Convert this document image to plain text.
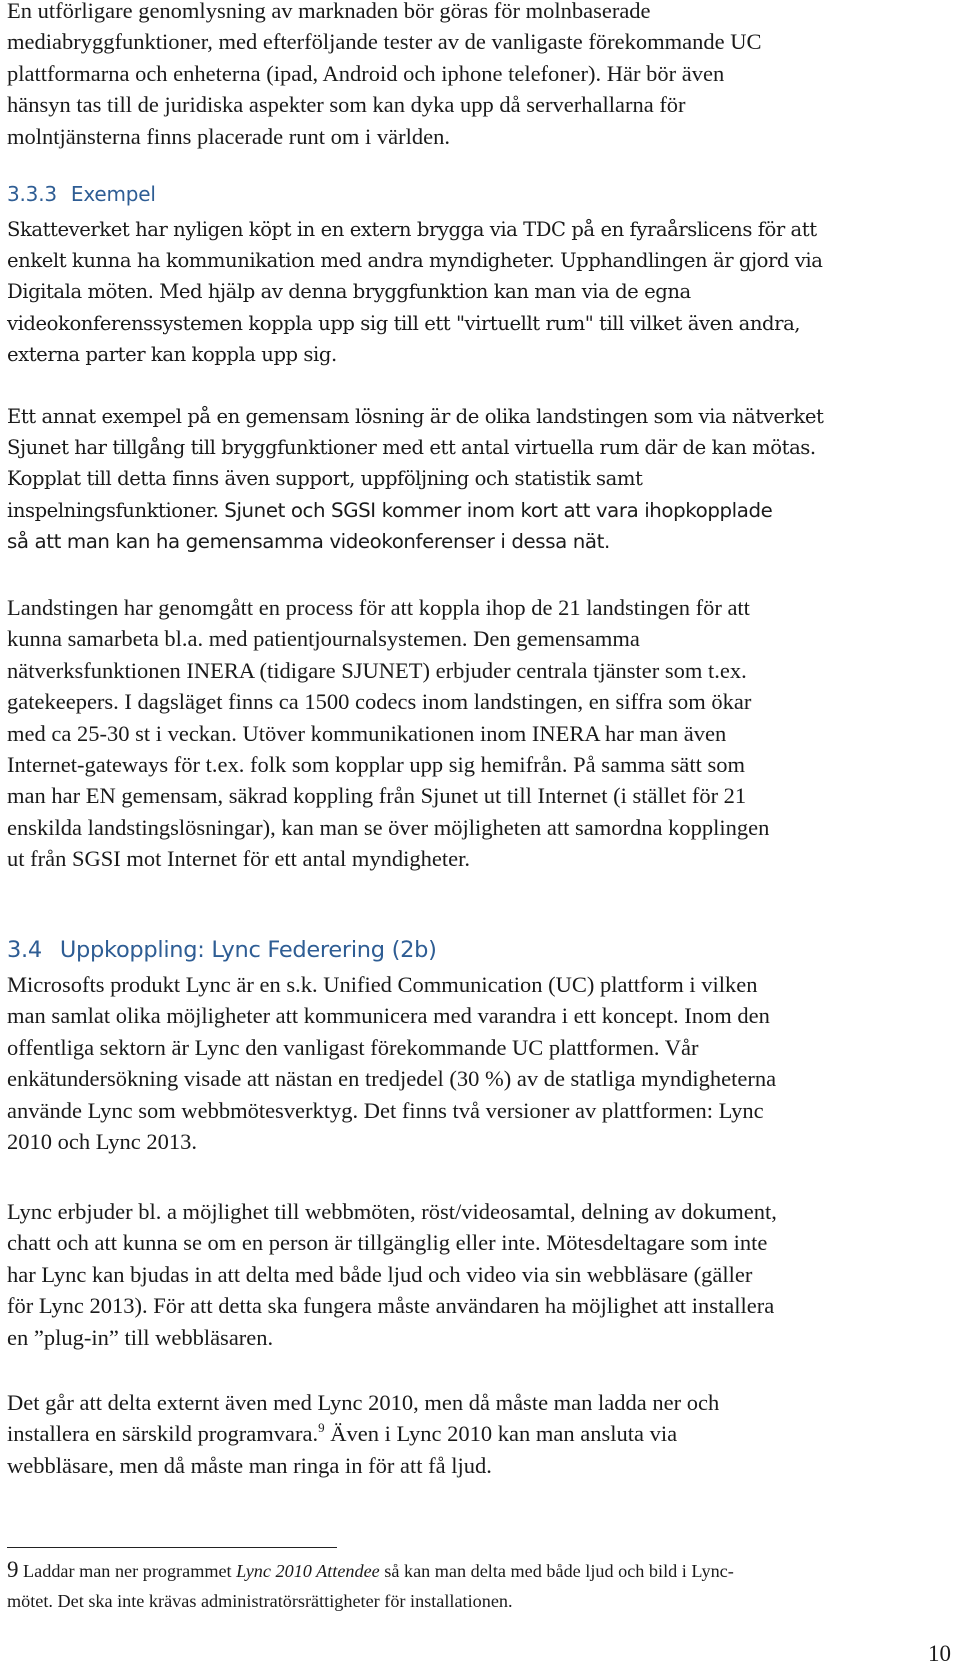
En utförligare genomlysning av marknaden bör göras för molnbaserade
mediabryggfunktioner, med efterföljande tester av de vanligaste förekommande UC
plattformarna och enheterna (ipad, Android och iphone telefoner). Här bör även
hänsyn tas till de juridiska aspekter som kan dyka upp då serverhallarna för
molntjänsterna finns placerade runt om i världen.
3.3.3 Exempel
Skatteverket har nyligen köpt in en extern brygga via TDC på en fyraårslicens för att
enkelt kunna ha kommunikation med andra myndigheter. Upphandlingen är gjord via
Digitala möten. Med hjälp av denna bryggfunktion kan man via de egna
videokonferenssystemen koppla upp sig till ett "virtuellt rum" till vilket även andra,
externa parter kan koppla upp sig.
Ett annat exempel på en gemensam lösning är de olika landstingen som via nätverket
Sjunet har tillgång till bryggfunktioner med ett antal virtuella rum där de kan mötas.
Kopplat till detta finns även support, uppföljning och statistik samt
inspelningsfunktioner. Sjunet och SGSI kommer inom kort att vara ihopkopplade
så att man kan ha gemensamma videokonferenser i dessa nät.
Landstingen har genomgått en process för att koppla ihop de 21 landstingen för att
kunna samarbeta bl.a. med patientjournalsystemen. Den gemensamma
nätverksfunktionen INERA (tidigare SJUNET) erbjuder centrala tjänster som t.ex.
gatekeepers. I dagsläget finns ca 1500 codecs inom landstingen, en siffra som ökar
med ca 25-30 st i veckan. Utöver kommunikationen inom INERA har man även
Internet-gateways för t.ex. folk som kopplar upp sig hemifrån. På samma sätt som
man har EN gemensam, säkrad koppling från Sjunet ut till Internet (i stället för 21
enskilda landstingslösningar), kan man se över möjligheten att samordna kopplingen
ut från SGSI mot Internet för ett antal myndigheter.
3.4 Uppkoppling: Lync Federering (2b)
Microsofts produkt Lync är en s.k. Unified Communication (UC) plattform i vilken
man samlat olika möjligheter att kommunicera med varandra i ett koncept. Inom den
offentliga sektorn är Lync den vanligast förekommande UC plattformen. Vår
enkätundersökning visade att nästan en tredjedel (30 %) av de statliga myndigheterna
använde Lync som webbmötesverktyg. Det finns två versioner av plattformen: Lync
2010 och Lync 2013.
Lync erbjuder bl. a möjlighet till webbmöten, röst/videosamtal, delning av dokument,
chatt och att kunna se om en person är tillgänglig eller inte. Mötesdeltagare som inte
har Lync kan bjudas in att delta med både ljud och video via sin webbläsare (gäller
för Lync 2013). För att detta ska fungera måste användaren ha möjlighet att installera
en ”plug-in” till webbläsaren.
Det går att delta externt även med Lync 2010, men då måste man ladda ner och
installera en särskild programvara.$^9$ Även i Lync 2010 kan man ansluta via
webbläsare, men då måste man ringa in för att få ljud.
9 Laddar man ner programmet Lync 2010 Attendee så kan man delta med både ljud och bild i Lync-
mötet. Det ska inte krävas administratörsrättigheter för installationen.
10
